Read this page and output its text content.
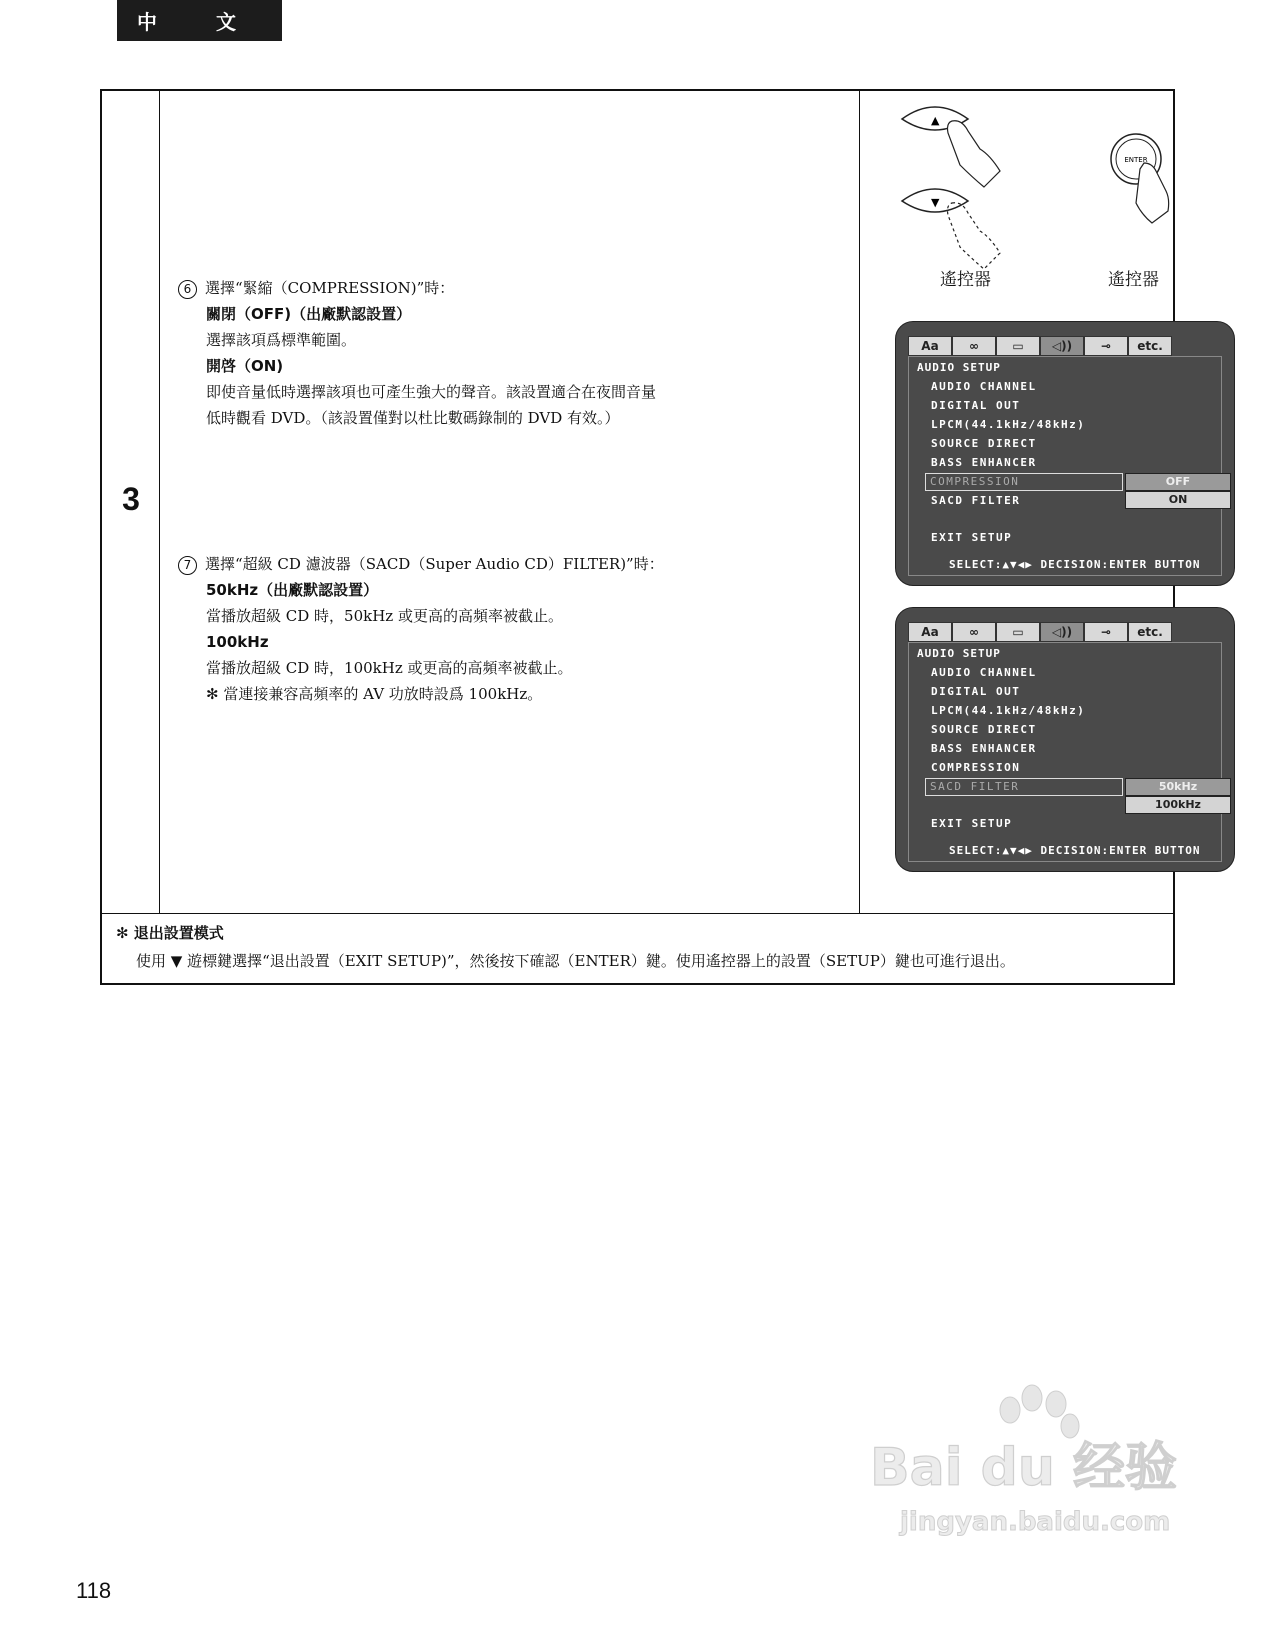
中 文
3

6 選擇“緊縮（COMPRESSION)”時：

關閉（OFF)（出廠默認設置）

選擇該項爲標準範圍。

開啓（ON)

即使音量低時選擇該項也可產生強大的聲音。該設置適合在夜間音量

低時觀看 DVD。（該設置僅對以杜比數碼錄制的 DVD 有效。）

7 選擇“超級 CD 濾波器（SACD（Super Audio CD）FILTER)”時：

50kHz（出廠默認設置）

當播放超級 CD 時，50kHz 或更高的高頻率被截止。

100kHz

當播放超級 CD 時，100kHz 或更高的高頻率被截止。

✻ 當連接兼容高頻率的 AV 功放時設爲 100kHz。

▲
▼
ENTER
遙控器	遙控器
Aa	∞	▭	◁))	⊸	etc.
AUDIO SETUP
AUDIO CHANNEL
DIGITAL OUT
LPCM(44.1kHz/48kHz)
SOURCE DIRECT
BASS ENHANCER
COMPRESSION	OFF
SACD FILTER	ON
EXIT SETUP
SELECT:▲▼◀▶ DECISION:ENTER BUTTON
Aa	∞	▭	◁))	⊸	etc.
AUDIO SETUP
AUDIO CHANNEL
DIGITAL OUT
LPCM(44.1kHz/48kHz)
SOURCE DIRECT
BASS ENHANCER
COMPRESSION
SACD FILTER	50kHz
100kHz
EXIT SETUP
SELECT:▲▼◀▶ DECISION:ENTER BUTTON
✻ 退出設置模式
使用 ▼ 遊標鍵選擇“退出設置（EXIT SETUP)”，然後按下確認（ENTER）鍵。使用遙控器上的設置（SETUP）鍵也可進行退出。
118
Bai du 经验
jingyan.baidu.com
